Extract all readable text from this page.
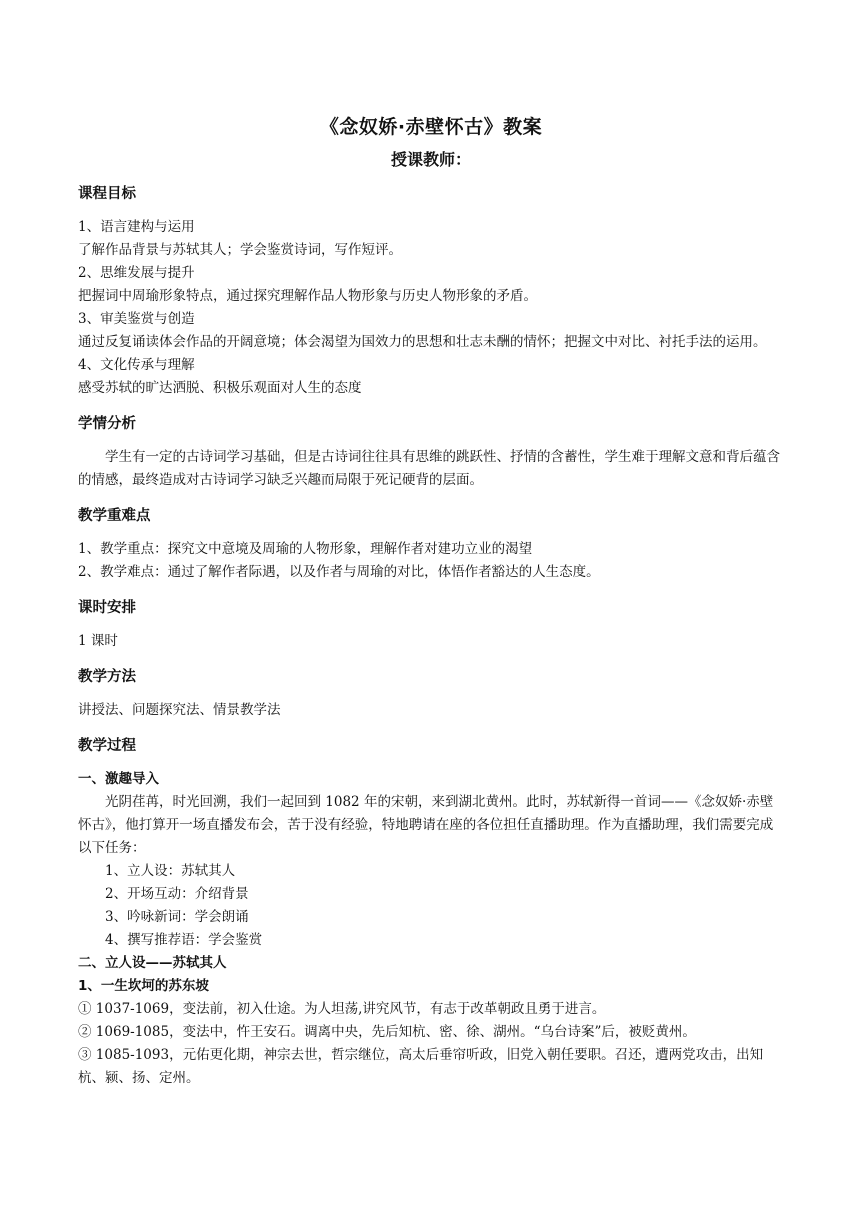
《念奴娇·赤壁怀古》教案
授课教师：
课程目标

1、语言建构与运用

了解作品背景与苏轼其人；学会鉴赏诗词，写作短评。

2、思维发展与提升

把握词中周瑜形象特点，通过探究理解作品人物形象与历史人物形象的矛盾。

3、审美鉴赏与创造

通过反复诵读体会作品的开阔意境；体会渴望为国效力的思想和壮志未酬的情怀；把握文中对比、衬托手法的运用。

4、文化传承与理解

感受苏轼的旷达洒脱、积极乐观面对人生的态度

学情分析

学生有一定的古诗词学习基础，但是古诗词往往具有思维的跳跃性、抒情的含蓄性，学生难于理解文意和背后蕴含的情感，最终造成对古诗词学习缺乏兴趣而局限于死记硬背的层面。

教学重难点

1、教学重点：探究文中意境及周瑜的人物形象，理解作者对建功立业的渴望

2、教学难点：通过了解作者际遇，以及作者与周瑜的对比，体悟作者豁达的人生态度。

课时安排

1 课时

教学方法

讲授法、问题探究法、情景教学法

教学过程

一、激趣导入

光阴荏苒，时光回溯，我们一起回到 1082 年的宋朝，来到湖北黄州。此时，苏轼新得一首词——《念奴娇·赤壁怀古》，他打算开一场直播发布会，苦于没有经验，特地聘请在座的各位担任直播助理。作为直播助理，我们需要完成以下任务：

1、立人设：苏轼其人

2、开场互动：介绍背景

3、吟咏新词：学会朗诵

4、撰写推荐语：学会鉴赏

二、立人设——苏轼其人

1、一生坎坷的苏东坡

① 1037-1069，变法前，初入仕途。为人坦荡,讲究风节，有志于改革朝政且勇于进言。

② 1069-1085，变法中，忤王安石。调离中央，先后知杭、密、徐、湖州。“乌台诗案”后，被贬黄州。

③ 1085-1093，元佑更化期，神宗去世，哲宗继位，高太后垂帘听政，旧党入朝任要职。召还，遭两党攻击，出知杭、颍、扬、定州。
